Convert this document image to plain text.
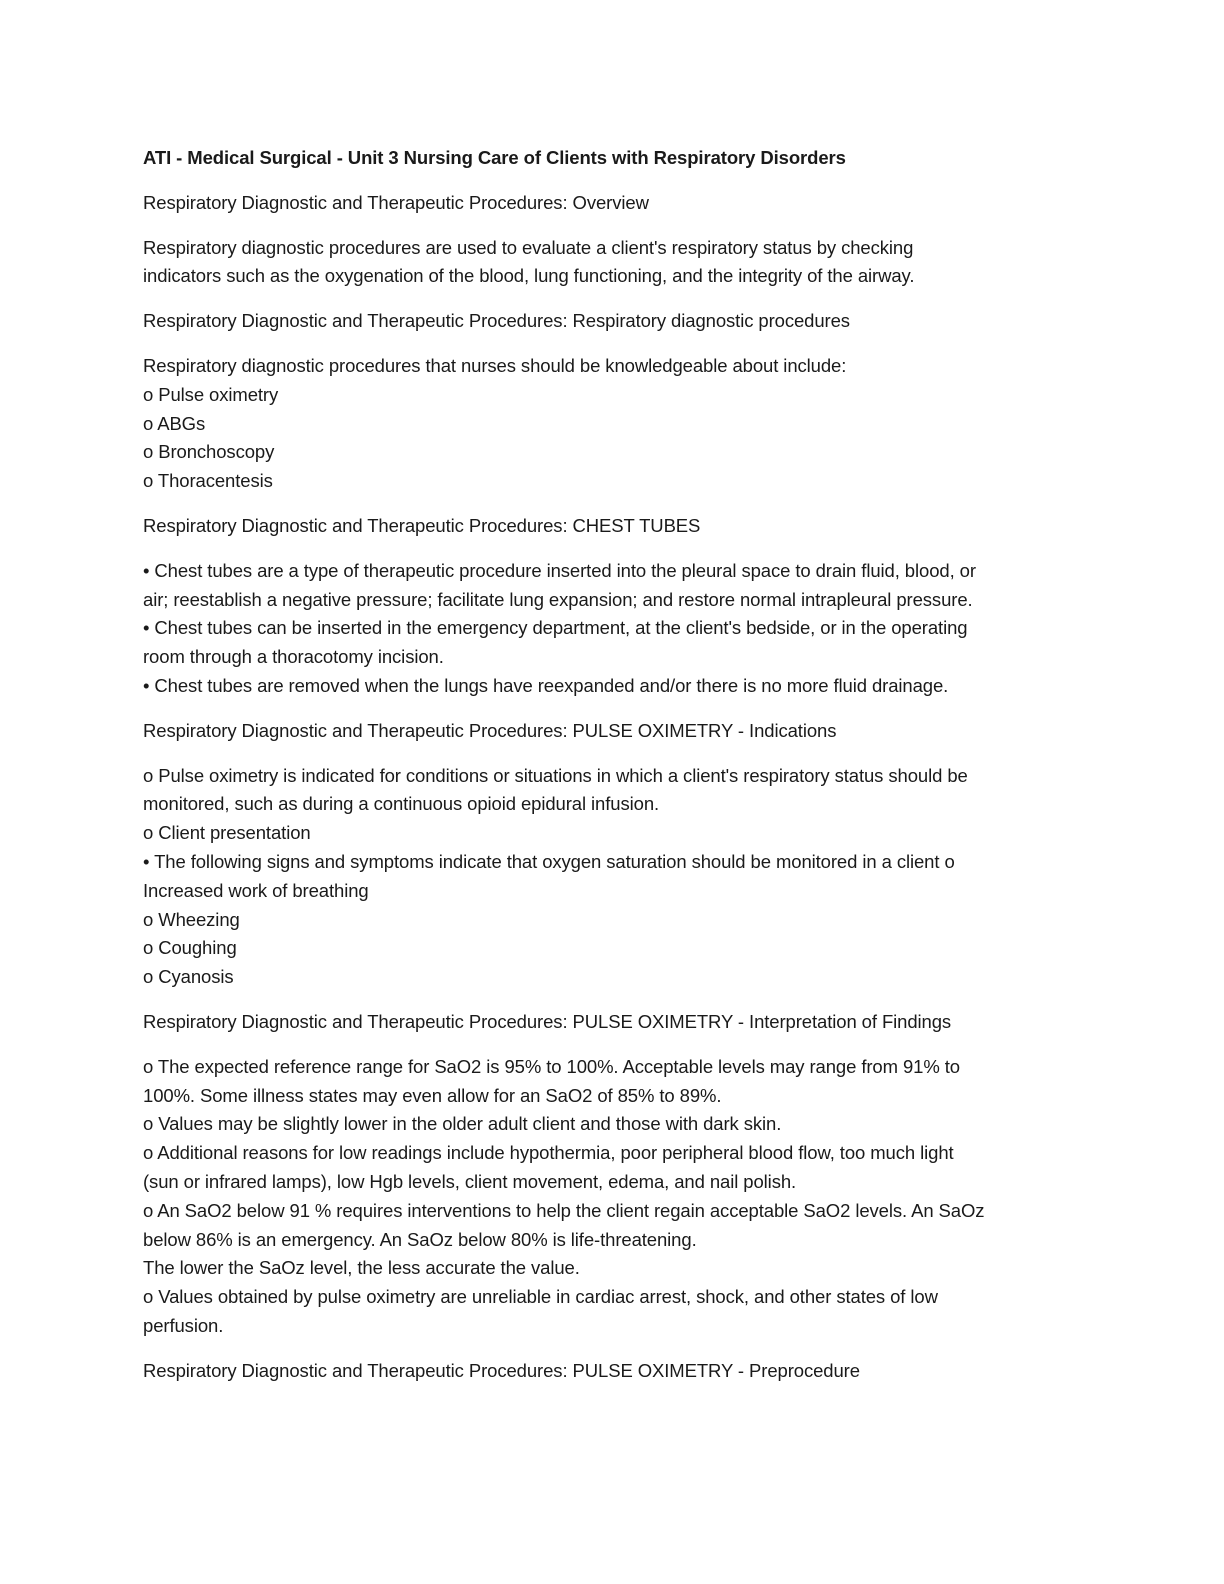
ATI - Medical Surgical - Unit 3 Nursing Care of Clients with Respiratory Disorders
Respiratory Diagnostic and Therapeutic Procedures: Overview
Respiratory diagnostic procedures are used to evaluate a client's respiratory status by checking
indicators such as the oxygenation of the blood, lung functioning, and the integrity of the airway.
Respiratory Diagnostic and Therapeutic Procedures: Respiratory diagnostic procedures
Respiratory diagnostic procedures that nurses should be knowledgeable about include:
o Pulse oximetry
o ABGs
o Bronchoscopy
o Thoracentesis
Respiratory Diagnostic and Therapeutic Procedures: CHEST TUBES
• Chest tubes are a type of therapeutic procedure inserted into the pleural space to drain fluid, blood, or
air; reestablish a negative pressure; facilitate lung expansion; and restore normal intrapleural pressure.
• Chest tubes can be inserted in the emergency department, at the client's bedside, or in the operating
room through a thoracotomy incision.
• Chest tubes are removed when the lungs have reexpanded and/or there is no more fluid drainage.
Respiratory Diagnostic and Therapeutic Procedures: PULSE OXIMETRY - Indications
o Pulse oximetry is indicated for conditions or situations in which a client's respiratory status should be
monitored, such as during a continuous opioid epidural infusion.
o Client presentation
• The following signs and symptoms indicate that oxygen saturation should be monitored in a client o
Increased work of breathing
o Wheezing
o Coughing
o Cyanosis
Respiratory Diagnostic and Therapeutic Procedures: PULSE OXIMETRY - Interpretation of Findings
o The expected reference range for SaO2 is 95% to 100%. Acceptable levels may range from 91% to
100%. Some illness states may even allow for an SaO2 of 85% to 89%.
o Values may be slightly lower in the older adult client and those with dark skin.
o Additional reasons for low readings include hypothermia, poor peripheral blood flow, too much light
(sun or infrared lamps), low Hgb levels, client movement, edema, and nail polish.
o An SaO2 below 91 % requires interventions to help the client regain acceptable SaO2 levels. An SaOz
below 86% is an emergency. An SaOz below 80% is life-threatening.
The lower the SaOz level, the less accurate the value.
o Values obtained by pulse oximetry are unreliable in cardiac arrest, shock, and other states of low
perfusion.
Respiratory Diagnostic and Therapeutic Procedures: PULSE OXIMETRY - Preprocedure
